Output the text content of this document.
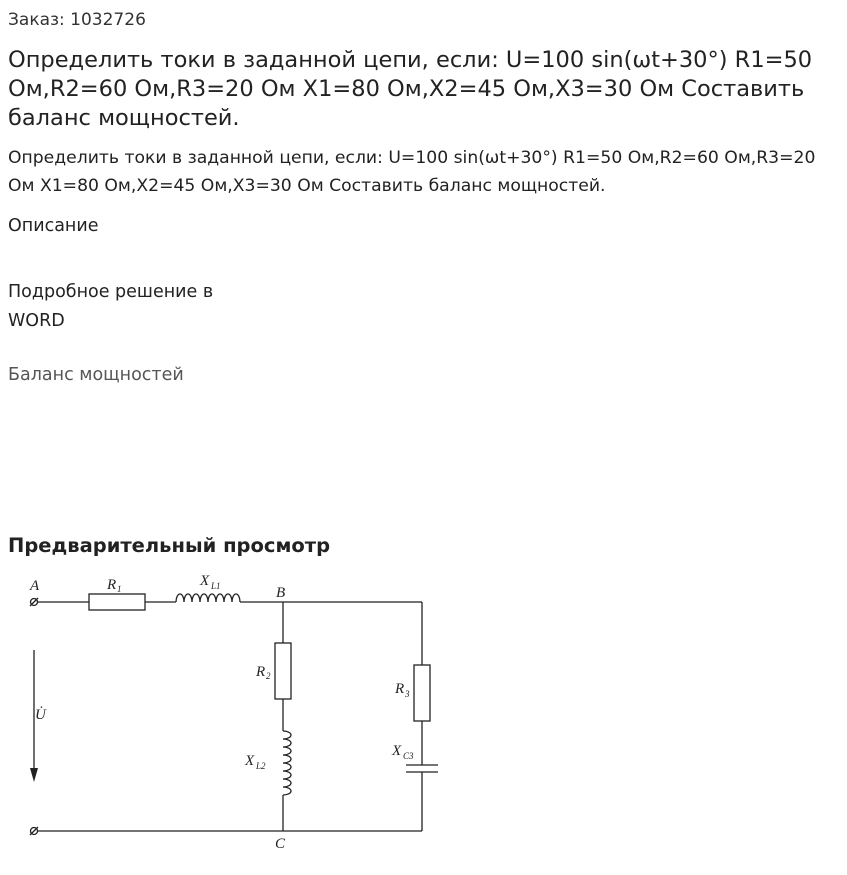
Заказ: 1032726
Определить токи в заданной цепи, если: U=100 sin(ωt+30°) R1=50 Ом,R2=60 Ом,R3=20 Ом X1=80 Ом,X2=45 Ом,X3=30 Ом Составить баланс мощностей.
Определить токи в заданной цепи, если: U=100 sin(ωt+30°) R1=50 Ом,R2=60 Ом,R3=20 Ом X1=80 Ом,X2=45 Ом,X3=30 Ом Составить баланс мощностей.
Описание
Подробное решение в WORD
Баланс мощностей
Предварительный просмотр
A	B
C
U̇
R 1	X L1
R 2
X L2
R 3
X C3
